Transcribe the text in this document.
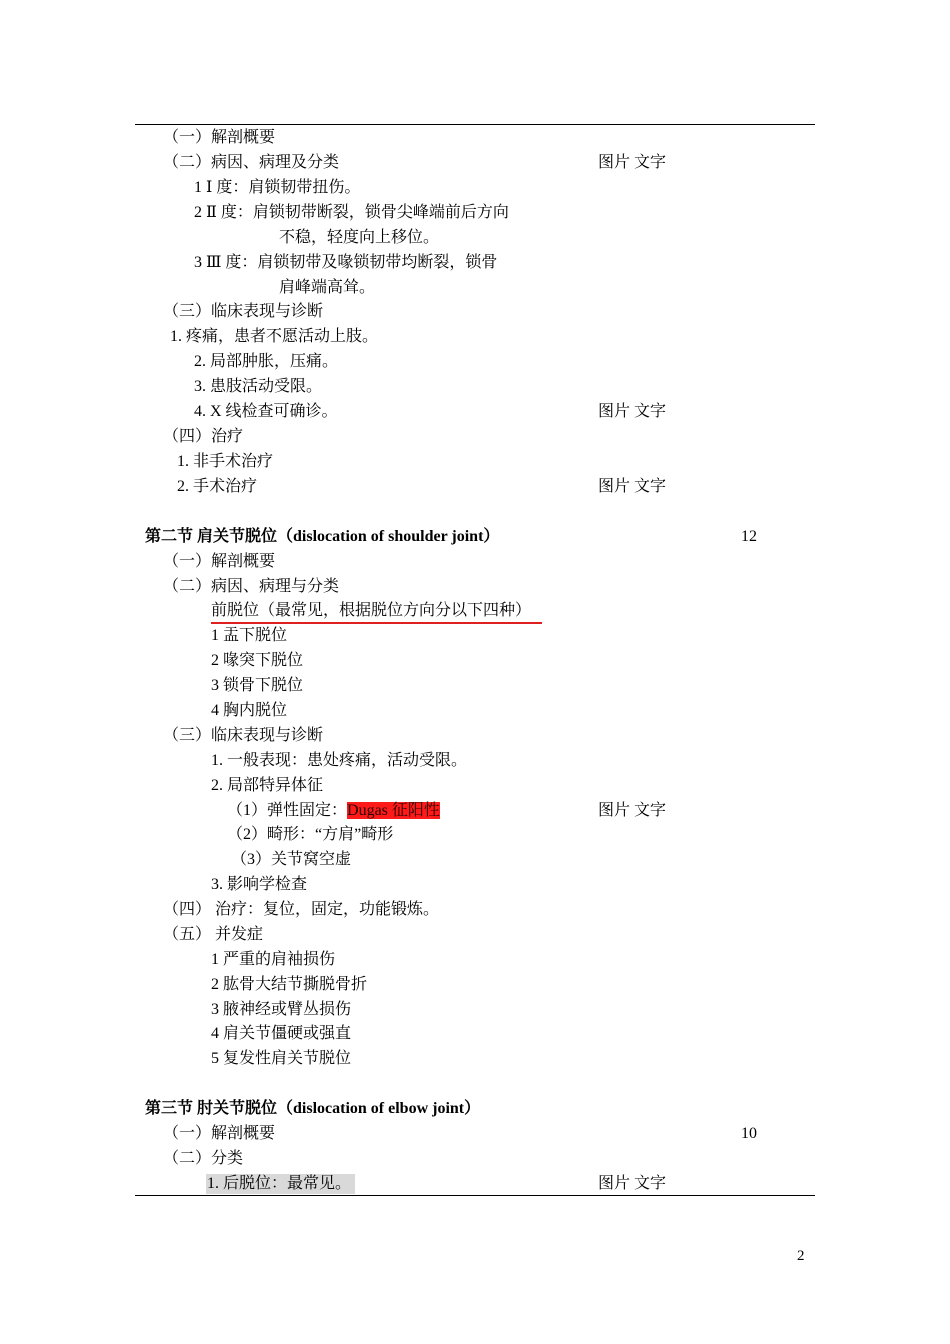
（一）解剖概要
（二）病因、病理及分类	图片 文字
1 Ⅰ 度：肩锁韧带扭伤。
2 Ⅱ 度：肩锁韧带断裂，锁骨尖峰端前后方向
不稳，轻度向上移位。
3 Ⅲ 度：肩锁韧带及喙锁韧带均断裂，锁骨
肩峰端高耸。
（三）临床表现与诊断
1. 疼痛，患者不愿活动上肢。
2. 局部肿胀，压痛。
3. 患肢活动受限。
4. X 线检查可确诊。	图片 文字
（四）治疗
1. 非手术治疗
2. 手术治疗	图片 文字
第二节 肩关节脱位（dislocation of shoulder joint）	12
（一）解剖概要
（二）病因、病理与分类
前脱位（最常见，根据脱位方向分以下四种）
1 盂下脱位
2 喙突下脱位
3 锁骨下脱位
4 胸内脱位
（三）临床表现与诊断
1. 一般表现：患处疼痛，活动受限。
2. 局部特异体征
（1）弹性固定：Dugas 征阳性	图片 文字
（2）畸形：“方肩”畸形
（3）关节窝空虚
3. 影响学检查
（四） 治疗：复位，固定，功能锻炼。
（五） 并发症
1 严重的肩袖损伤
2 肱骨大结节撕脱骨折
3 腋神经或臂丛损伤
4 肩关节僵硬或强直
5 复发性肩关节脱位
第三节 肘关节脱位（dislocation of elbow joint）
（一）解剖概要	10
（二）分类
1. 后脱位：最常见。	图片 文字
2
